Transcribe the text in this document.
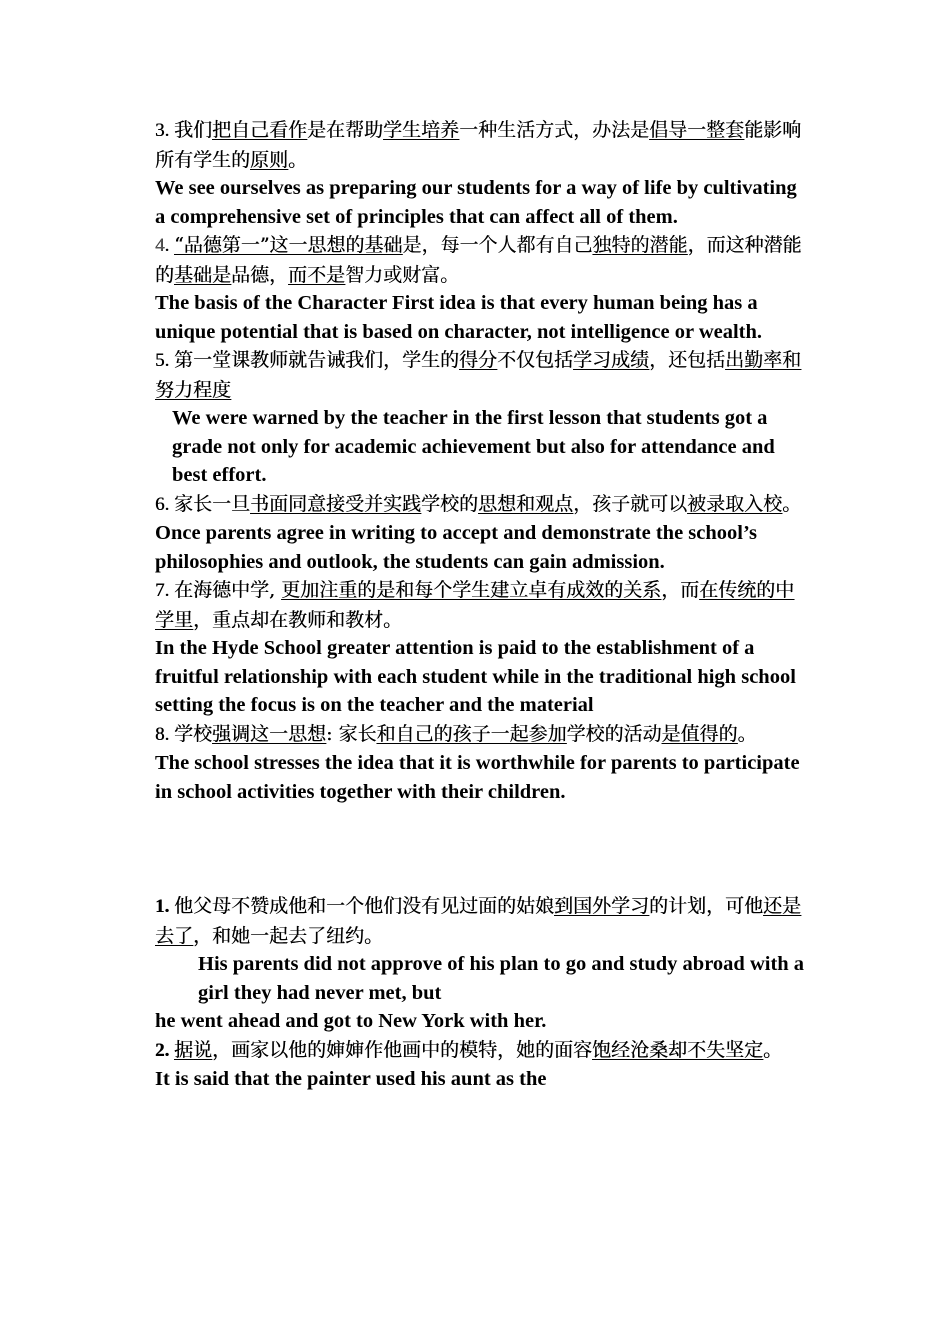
3. 我们把自己看作是在帮助学生培养一种生活方式，办法是倡导一整套能影响所有学生的原则。
We see ourselves as preparing our students for a way of life by cultivating a comprehensive set of principles that can affect all of them.
4. “品德第一”这一思想的基础是，每一个人都有自己独特的潜能，而这种潜能的基础是品德，而不是智力或财富。
The basis of the Character First idea is that every human being has a unique potential that is based on character, not intelligence or wealth.
5. 第一堂课教师就告诫我们，学生的得分不仅包括学习成绩，还包括出勤率和努力程度
We were warned by the teacher in the first lesson that students got a grade not only for academic achievement but also for attendance and best effort.
6. 家长一旦书面同意接受并实践学校的思想和观点，孩子就可以被录取入校。
Once parents agree in writing to accept and demonstrate the school’s philosophies and outlook, the students can gain admission.
7. 在海德中学, 更加注重的是和每个学生建立卓有成效的关系，而在传统的中学里，重点却在教师和教材。
In the Hyde School greater attention is paid to the establishment of a fruitful relationship with each student while in the traditional high school setting the focus is on the teacher and the material
8. 学校强调这一思想: 家长和自己的孩子一起参加学校的活动是值得的。
The school stresses the idea that it is worthwhile for parents to participate in school activities together with their children.
1. 他父母不赞成他和一个他们没有见过面的姑娘到国外学习的计划，可他还是去了，和她一起去了纽约。
His parents did not approve of his plan to go and study abroad with a girl they had never met, but
he went ahead and got to New York with her.
2. 据说，画家以他的婶婶作他画中的模特，她的面容饱经沧桑却不失坚定。
It is said that the painter used his aunt as the
